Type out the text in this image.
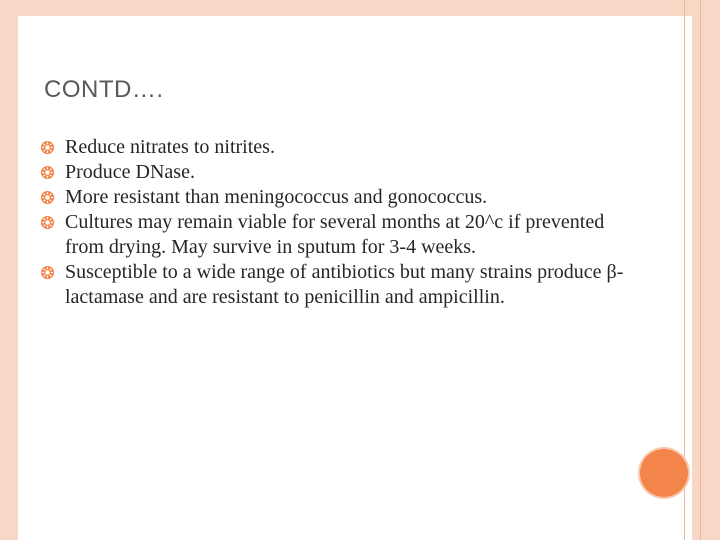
CONTD….
Reduce nitrates to nitrites.
Produce DNase.
More resistant than meningococcus and gonococcus.
Cultures may remain viable for several months at 20^c if prevented from drying. May survive in sputum for 3-4 weeks.
Susceptible to a wide range of antibiotics but many strains produce β-lactamase and are resistant to penicillin and ampicillin.
